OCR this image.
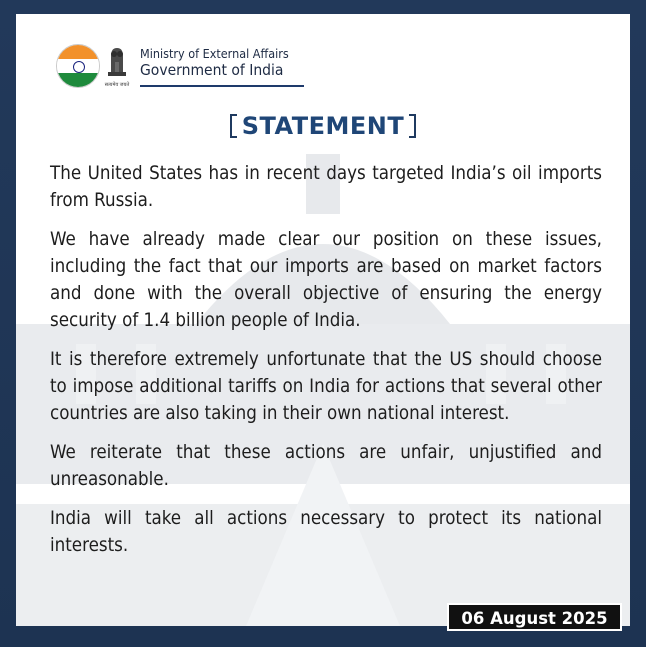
सत्यमेव जयते
Ministry of External Affairs
Government of India
STATEMENT

The United States has in recent days targeted India’s oil imports from Russia.

We have already made clear our position on these issues, including the fact that our imports are based on market factors and done with the overall objective of ensuring the energy security of 1.4 billion people of India.

It is therefore extremely unfortunate that the US should choose to impose additional tariffs on India for actions that several other countries are also taking in their own national interest.

We reiterate that these actions are unfair, unjustified and unreasonable.

India will take all actions necessary to protect its national interests.

06 August 2025
